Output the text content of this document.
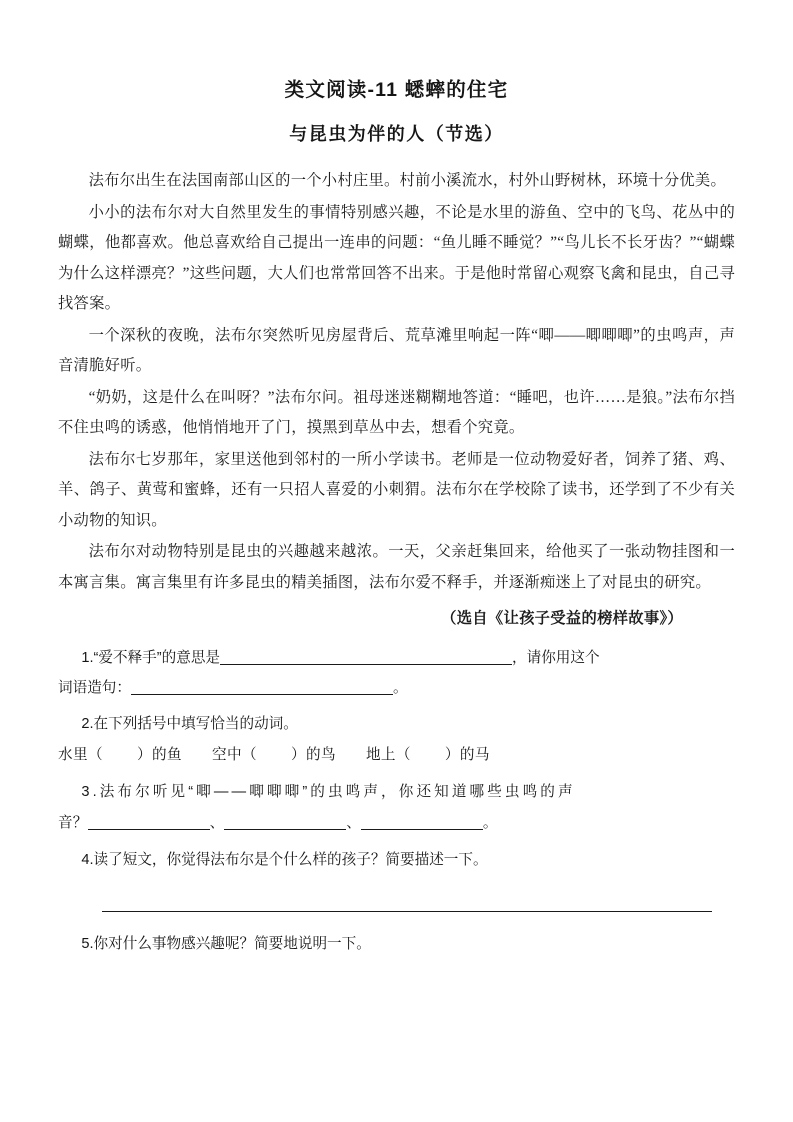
类文阅读-11 蟋蟀的住宅
与昆虫为伴的人（节选）

法布尔出生在法国南部山区的一个小村庄里。村前小溪流水，村外山野树林，环境十分优美。

小小的法布尔对大自然里发生的事情特别感兴趣，不论是水里的游鱼、空中的飞鸟、花丛中的蝴蝶，他都喜欢。他总喜欢给自己提出一连串的问题：“鱼儿睡不睡觉？”“鸟儿长不长牙齿？”“蝴蝶为什么这样漂亮？”这些问题，大人们也常常回答不出来。于是他时常留心观察飞禽和昆虫，自己寻找答案。

一个深秋的夜晚，法布尔突然听见房屋背后、荒草滩里响起一阵“唧——唧唧唧”的虫鸣声，声音清脆好听。

“奶奶，这是什么在叫呀？”法布尔问。祖母迷迷糊糊地答道：“睡吧，也许……是狼。”法布尔挡不住虫鸣的诱惑，他悄悄地开了门，摸黑到草丛中去，想看个究竟。

法布尔七岁那年，家里送他到邻村的一所小学读书。老师是一位动物爱好者，饲养了猪、鸡、羊、鸽子、黄莺和蜜蜂，还有一只招人喜爱的小刺猬。法布尔在学校除了读书，还学到了不少有关小动物的知识。

法布尔对动物特别是昆虫的兴趣越来越浓。一天，父亲赶集回来，给他买了一张动物挂图和一本寓言集。寓言集里有许多昆虫的精美插图，法布尔爱不释手，并逐渐痴迷上了对昆虫的研究。

（选自《让孩子受益的榜样故事》）

1.“爱不释手”的意思是	，请你用这个

词语造句：	。

2.在下列括号中填写恰当的动词。

水里（ ）的鱼 空中（ ）的鸟 地上（ ）的马

3.法布尔听见“唧——唧唧唧”的虫鸣声，你还知道哪些虫鸣的声

音？	、	、	。

4.读了短文，你觉得法布尔是个什么样的孩子？简要描述一下。

5.你对什么事物感兴趣呢？简要地说明一下。
